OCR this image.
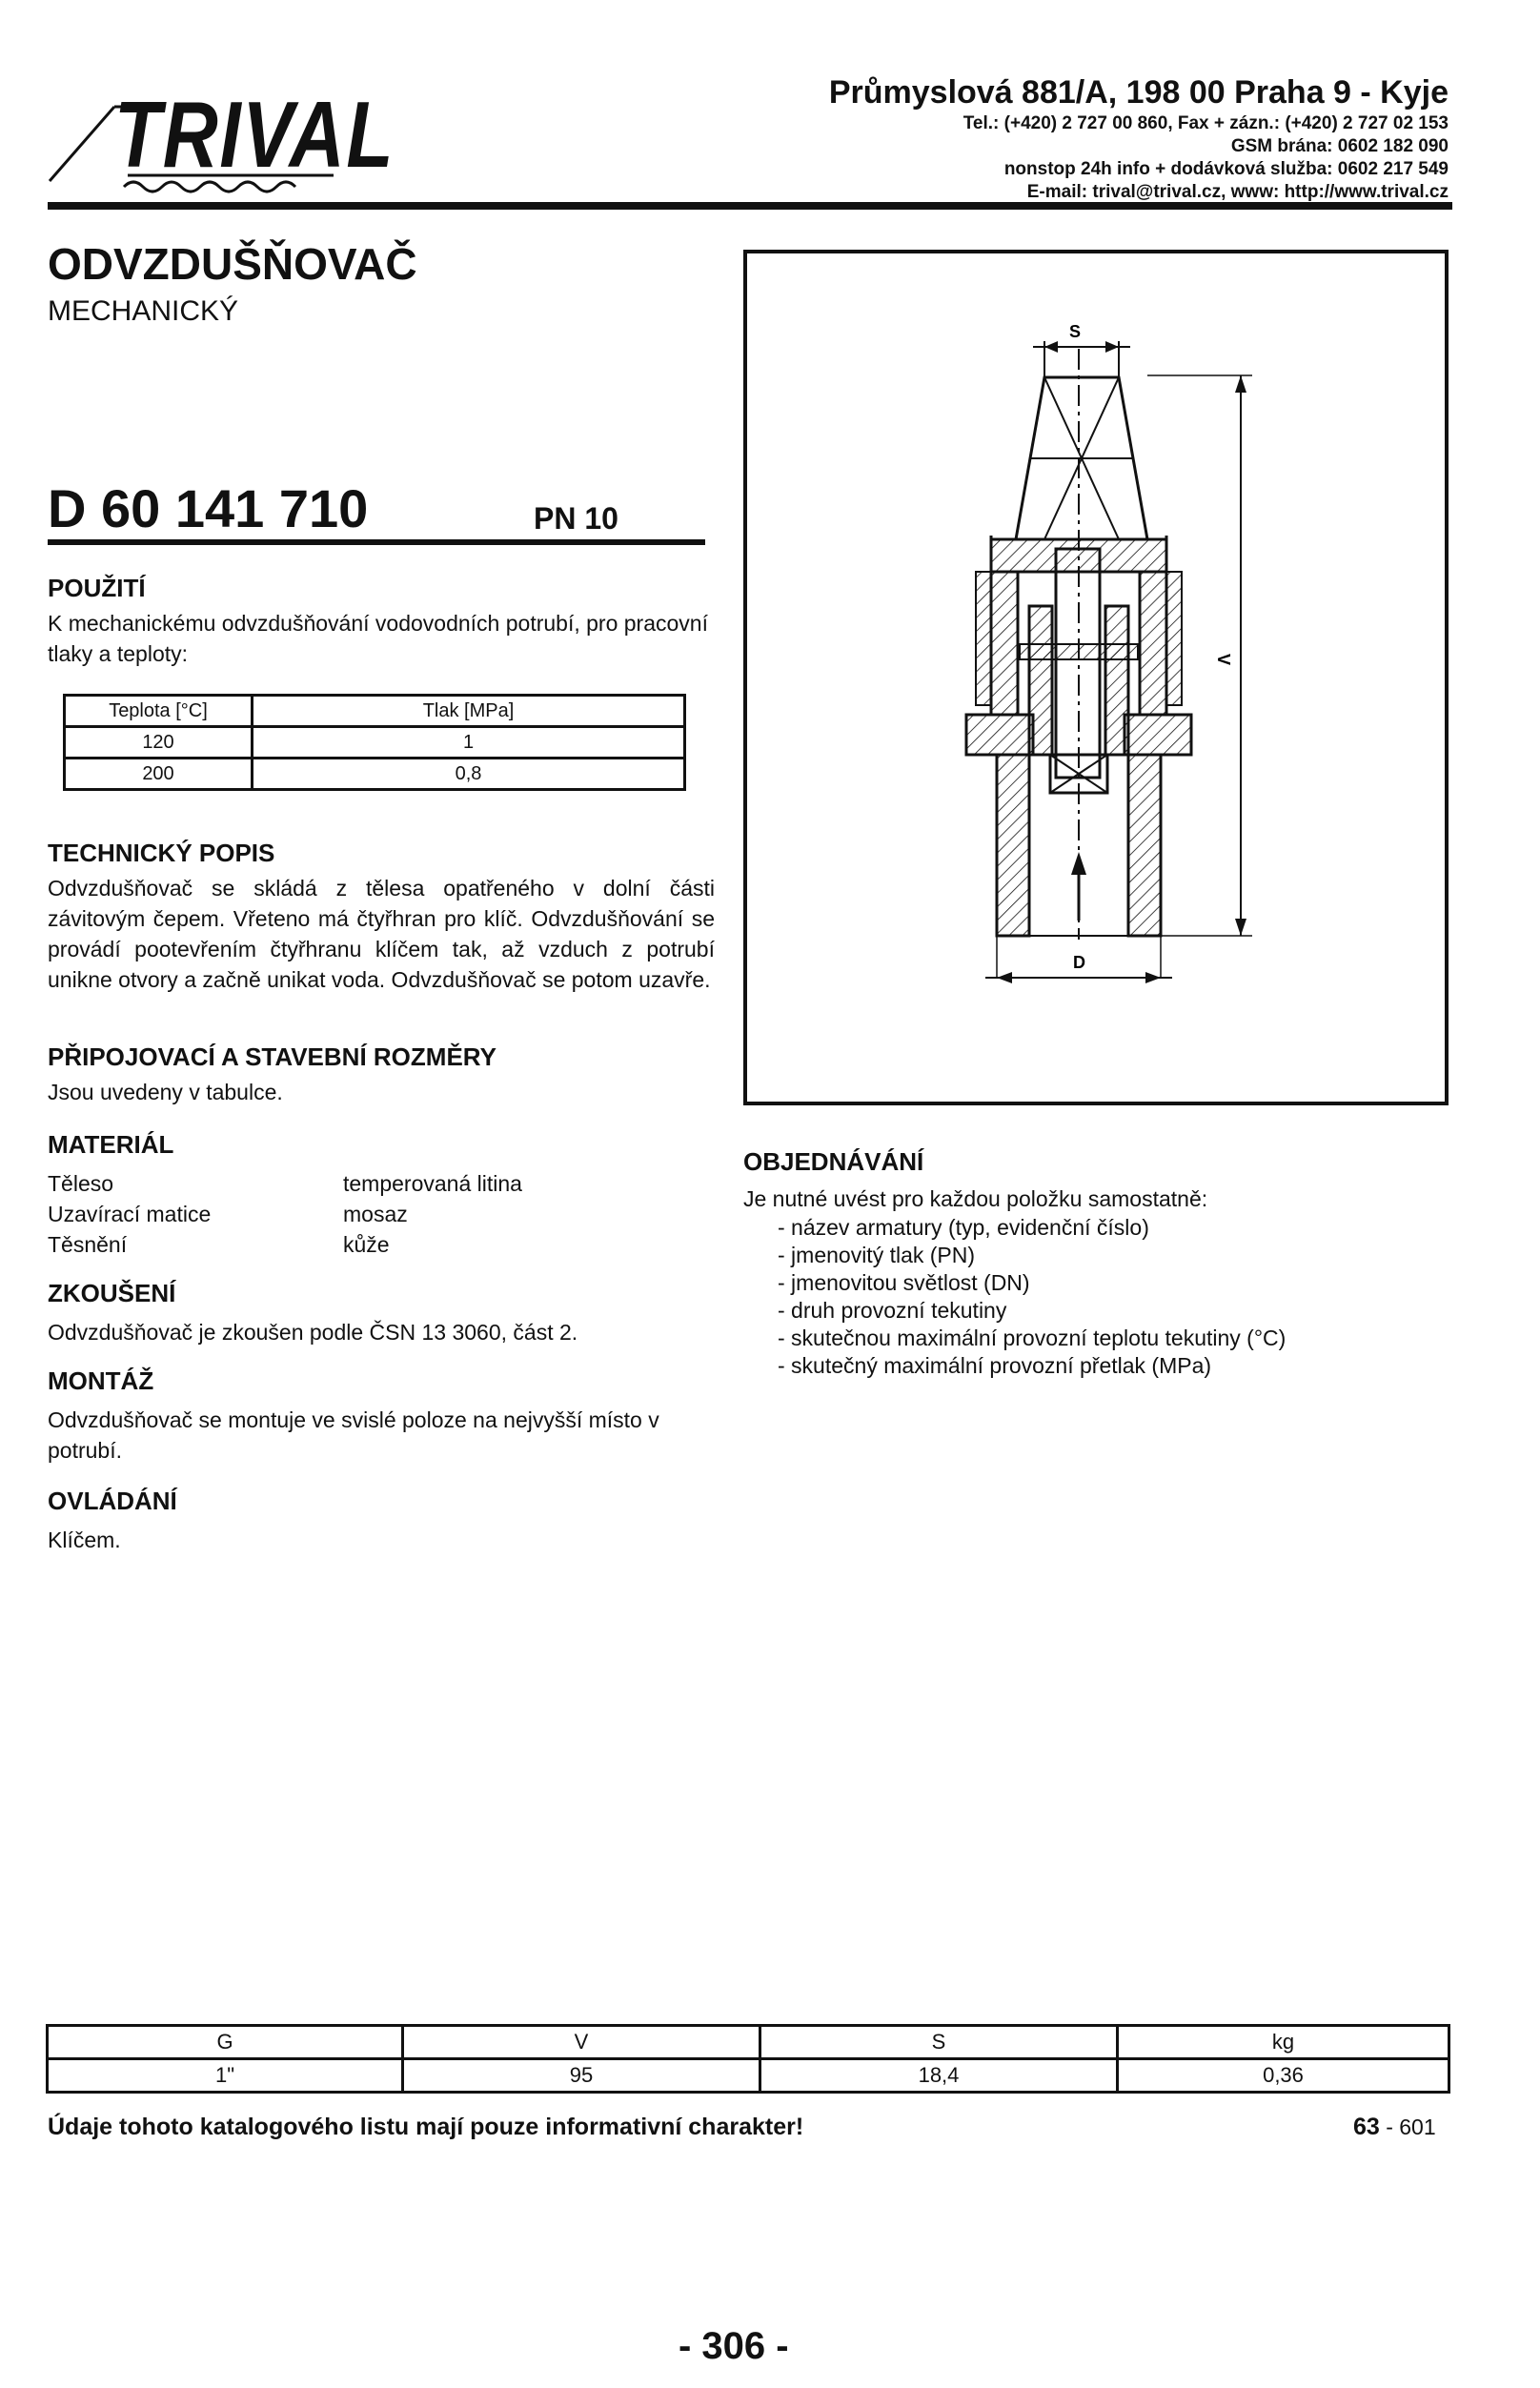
TRIVAL	Průmyslová 881/A, 198 00 Praha 9 - Kyje
Tel.: (+420) 2 727 00 860, Fax + zázn.: (+420) 2 727 02 153
GSM brána: 0602 182 090
nonstop 24h info + dodávková služba: 0602 217 549
E-mail: trival@trival.cz, www: http://www.trival.cz
ODVZDUŠŇOVAČ
MECHANICKÝ
D 60 141 710	PN 10
POUŽITÍ
K mechanickému odvzdušňování vodovodních potrubí, pro pracovní tlaky a teploty:
Teplota [°C]	Tlak [MPa]
120	1
200	0,8
TECHNICKÝ POPIS
Odvzdušňovač se skládá z tělesa opatřeného v dolní části závitovým čepem. Vřeteno má čtyřhran pro klíč. Odvzdušňování se provádí pootevřením čtyřhranu klíčem tak, až vzduch z potrubí unikne otvory a začně unikat voda. Odvzdušňovač se potom uzavře.
PŘIPOJOVACÍ A STAVEBNÍ ROZMĚRY
Jsou uvedeny v tabulce.
MATERIÁL
Těleso	temperovaná litina
Uzavírací matice	mosaz
Těsnění	kůže
ZKOUŠENÍ
Odvzdušňovač je zkoušen podle ČSN 13 3060, část 2.
MONTÁŽ
Odvzdušňovač se montuje ve svislé poloze na nejvyšší místo v potrubí.
OVLÁDÁNÍ
Klíčem.
S
V
D
OBJEDNÁVÁNÍ
Je nutné uvést pro každou položku samostatně:
- název armatury (typ, evidenční číslo)
- jmenovitý tlak (PN)
- jmenovitou světlost (DN)
- druh provozní tekutiny
- skutečnou maximální provozní teplotu tekutiny (°C)
- skutečný maximální provozní přetlak (MPa)
G	V	S	kg
1"	95	18,4	0,36
Údaje tohoto katalogového listu mají pouze informativní charakter!	63 - 601
- 306 -
